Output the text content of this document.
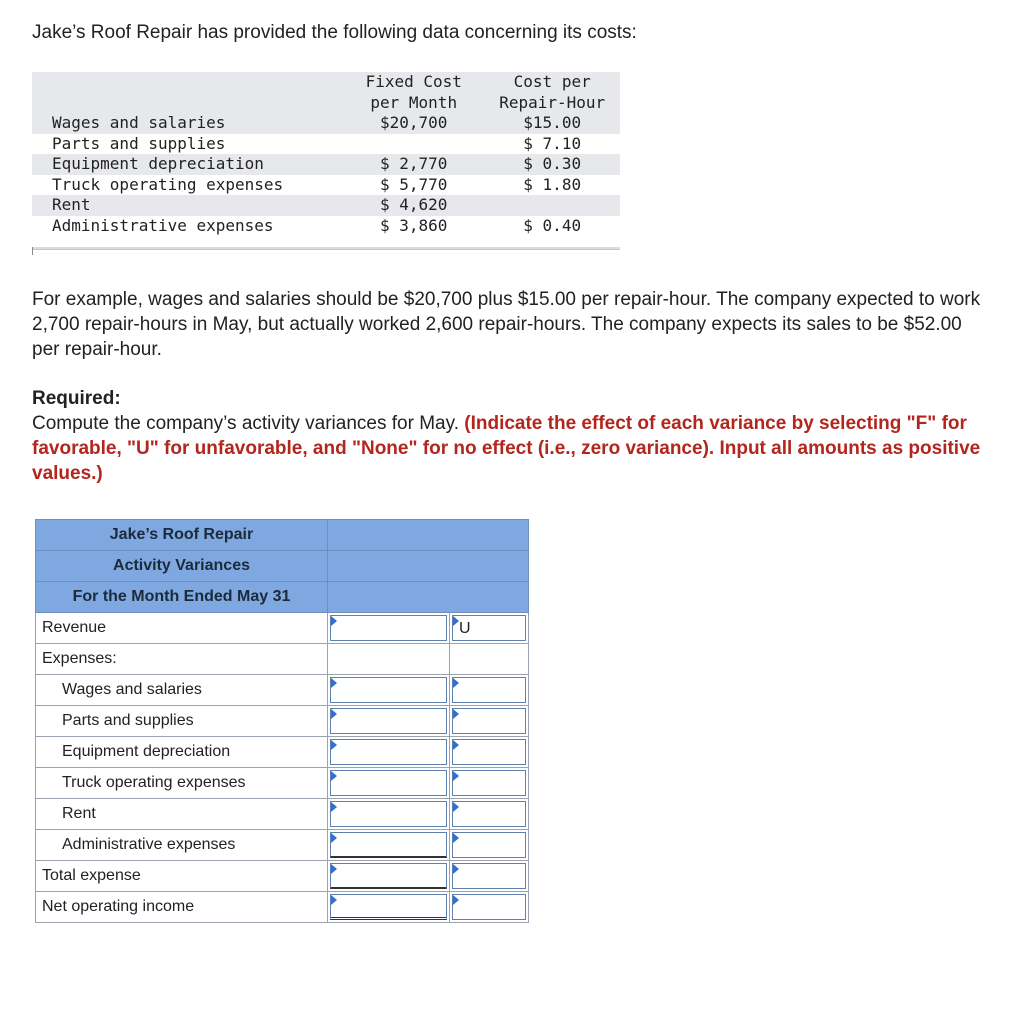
Jake’s Roof Repair has provided the following data concerning its costs:
	Fixed Cost	Cost per
	per Month	Repair-Hour
Wages and salaries	$20,700	$15.00
Parts and supplies		$ 7.10
Equipment depreciation	$ 2,770	$ 0.30
Truck operating expenses	$ 5,770	$ 1.80
Rent	$ 4,620	
Administrative expenses	$ 3,860	$ 0.40
For example, wages and salaries should be $20,700 plus $15.00 per repair-hour. The company expected to work 2,700 repair-hours in May, but actually worked 2,600 repair-hours. The company expects its sales to be $52.00 per repair-hour.
Required:
Compute the company’s activity variances for May. (Indicate the effect of each variance by selecting "F" for favorable, "U" for unfavorable, and "None" for no effect (i.e., zero variance). Input all amounts as positive values.)
Jake’s Roof Repair		
Activity Variances		
For the Month Ended May 31		
Revenue		U

Expenses:		
Wages and salaries	

Parts and supplies	

Equipment depreciation	

Truck operating expenses	

Rent	

Administrative expenses	

Total expense	

Net operating income	
